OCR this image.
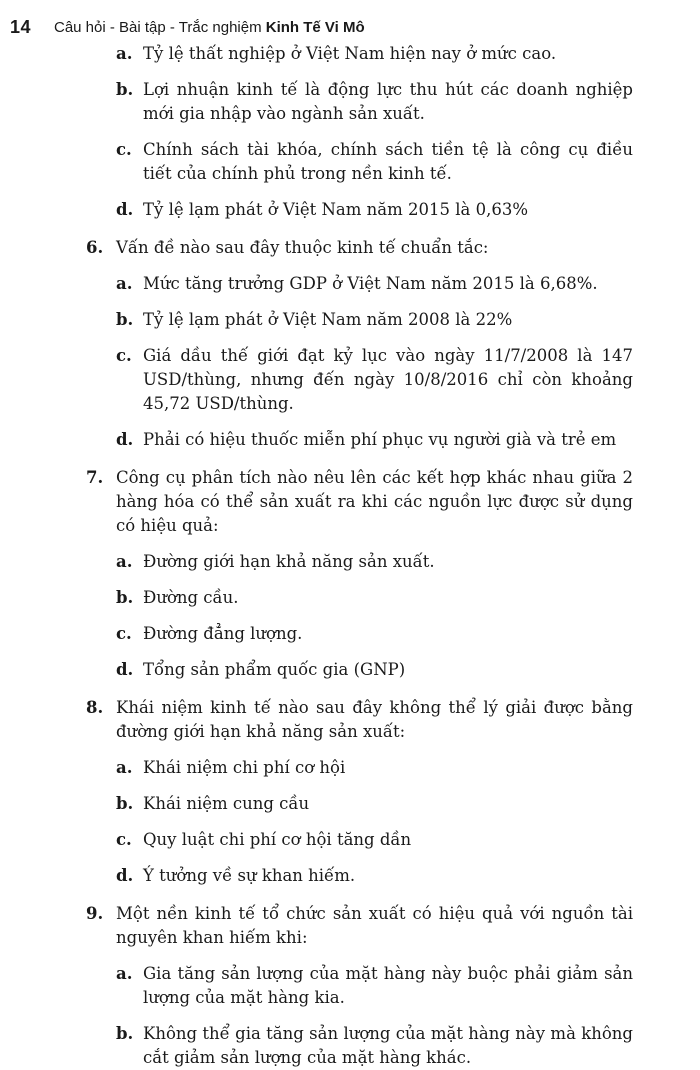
14	Câu hỏi - Bài tập - Trắc nghiệm Kinh Tế Vi Mô
a. Tỷ lệ thất nghiệp ở Việt Nam hiện nay ở mức cao.
b. Lợi nhuận kinh tế là động lực thu hút các doanh nghiệp mới gia nhập vào ngành sản xuất.
c. Chính sách tài khóa, chính sách tiền tệ là công cụ điều tiết của chính phủ trong nền kinh tế.
d. Tỷ lệ lạm phát ở Việt Nam năm 2015 là 0,63%
6. Vấn đề nào sau đây thuộc kinh tế chuẩn tắc:
a. Mức tăng trưởng GDP ở Việt Nam năm 2015 là 6,68%.
b. Tỷ lệ lạm phát ở Việt Nam năm 2008 là 22%
c. Giá dầu thế giới đạt kỷ lục vào ngày 11/7/2008 là 147 USD/thùng, nhưng đến ngày 10/8/2016 chỉ còn khoảng 45,72 USD/thùng.
d. Phải có hiệu thuốc miễn phí phục vụ người già và trẻ em
7. Công cụ phân tích nào nêu lên các kết hợp khác nhau giữa 2 hàng hóa có thể sản xuất ra khi các nguồn lực được sử dụng có hiệu quả:
a. Đường giới hạn khả năng sản xuất.
b. Đường cầu.
c. Đường đẳng lượng.
d. Tổng sản phẩm quốc gia (GNP)
8. Khái niệm kinh tế nào sau đây không thể lý giải được bằng đường giới hạn khả năng sản xuất:
a. Khái niệm chi phí cơ hội
b. Khái niệm cung cầu
c. Quy luật chi phí cơ hội tăng dần
d. Ý tưởng về sự khan hiếm.
9. Một nền kinh tế tổ chức sản xuất có hiệu quả với nguồn tài nguyên khan hiếm khi:
a. Gia tăng sản lượng của mặt hàng này buộc phải giảm sản lượng của mặt hàng kia.
b. Không thể gia tăng sản lượng của mặt hàng này mà không cắt giảm sản lượng của mặt hàng khác.
